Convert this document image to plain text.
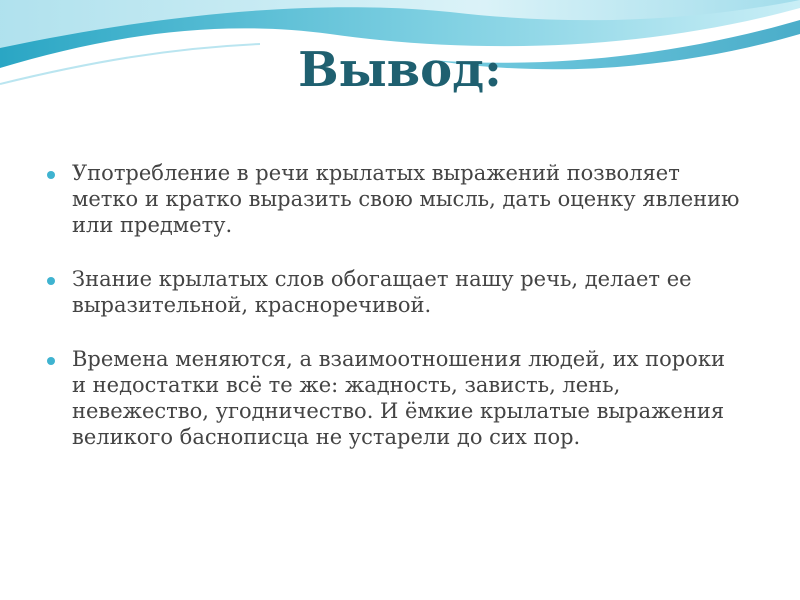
Вывод:
Употребление в речи крылатых выражений позволяет метко и кратко выразить свою мысль, дать оценку явлению или предмету.
Знание крылатых слов обогащает нашу речь, делает ее выразительной, красноречивой.
Времена меняются, а взаимоотношения людей, их пороки и недостатки всё те же: жадность, зависть, лень, невежество, угодничество. И ёмкие крылатые выражения великого баснописца не устарели до сих пор.
